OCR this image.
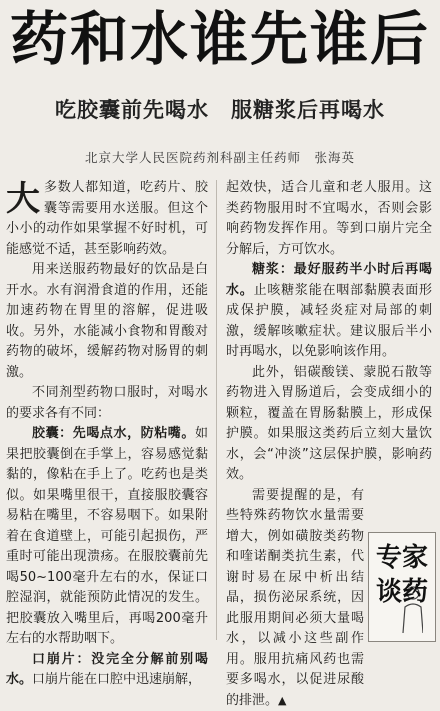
药和水谁先谁后
吃胶囊前先喝水　服糖浆后再喝水
北京大学人民医院药剂科副主任药师　张海英

大多数人都知道，吃药片、胶囊等需要用水送服。但这个小小的动作如果掌握不好时机，可能感觉不适，甚至影响药效。

用来送服药物最好的饮品是白开水。水有润滑食道的作用，还能加速药物在胃里的溶解，促进吸收。另外，水能减小食物和胃酸对药物的破坏，缓解药物对肠胃的刺激。

不同剂型药物口服时，对喝水的要求各有不同：

胶囊：先喝点水，防粘嘴。如果把胶囊倒在手掌上，容易感觉黏黏的，像粘在手上了。吃药也是类似。如果嘴里很干，直接服胶囊容易粘在嘴里，不容易咽下。如果附着在食道壁上，可能引起损伤，严重时可能出现溃疡。在服胶囊前先喝50~100毫升左右的水，保证口腔湿润，就能预防此情况的发生。把胶囊放入嘴里后，再喝200毫升左右的水帮助咽下。

口崩片：没完全分解前别喝水。口崩片能在口腔中迅速崩解，

起效快，适合儿童和老人服用。这类药物服用时不宜喝水，否则会影响药物发挥作用。等到口崩片完全分解后，方可饮水。

糖浆：最好服药半小时后再喝水。止咳糖浆能在咽部黏膜表面形成保护膜，减轻炎症对局部的刺激，缓解咳嗽症状。建议服后半小时再喝水，以免影响该作用。

此外，铝碳酸镁、蒙脱石散等药物进入胃肠道后，会变成细小的颗粒，覆盖在胃肠黏膜上，形成保护膜。如果服这类药后立刻大量饮水，会“冲淡”这层保护膜，影响药效。

需要提醒的是，有些特殊药物饮水量需要增大，例如磺胺类药物和喹诺酮类抗生素，代谢时易在尿中析出结晶，损伤泌尿系统，因此服用期间必须大量喝水，以减小这些副作用。服用抗痛风药也需要多喝水，以促进尿酸的排泄。▲

专家
谈药
